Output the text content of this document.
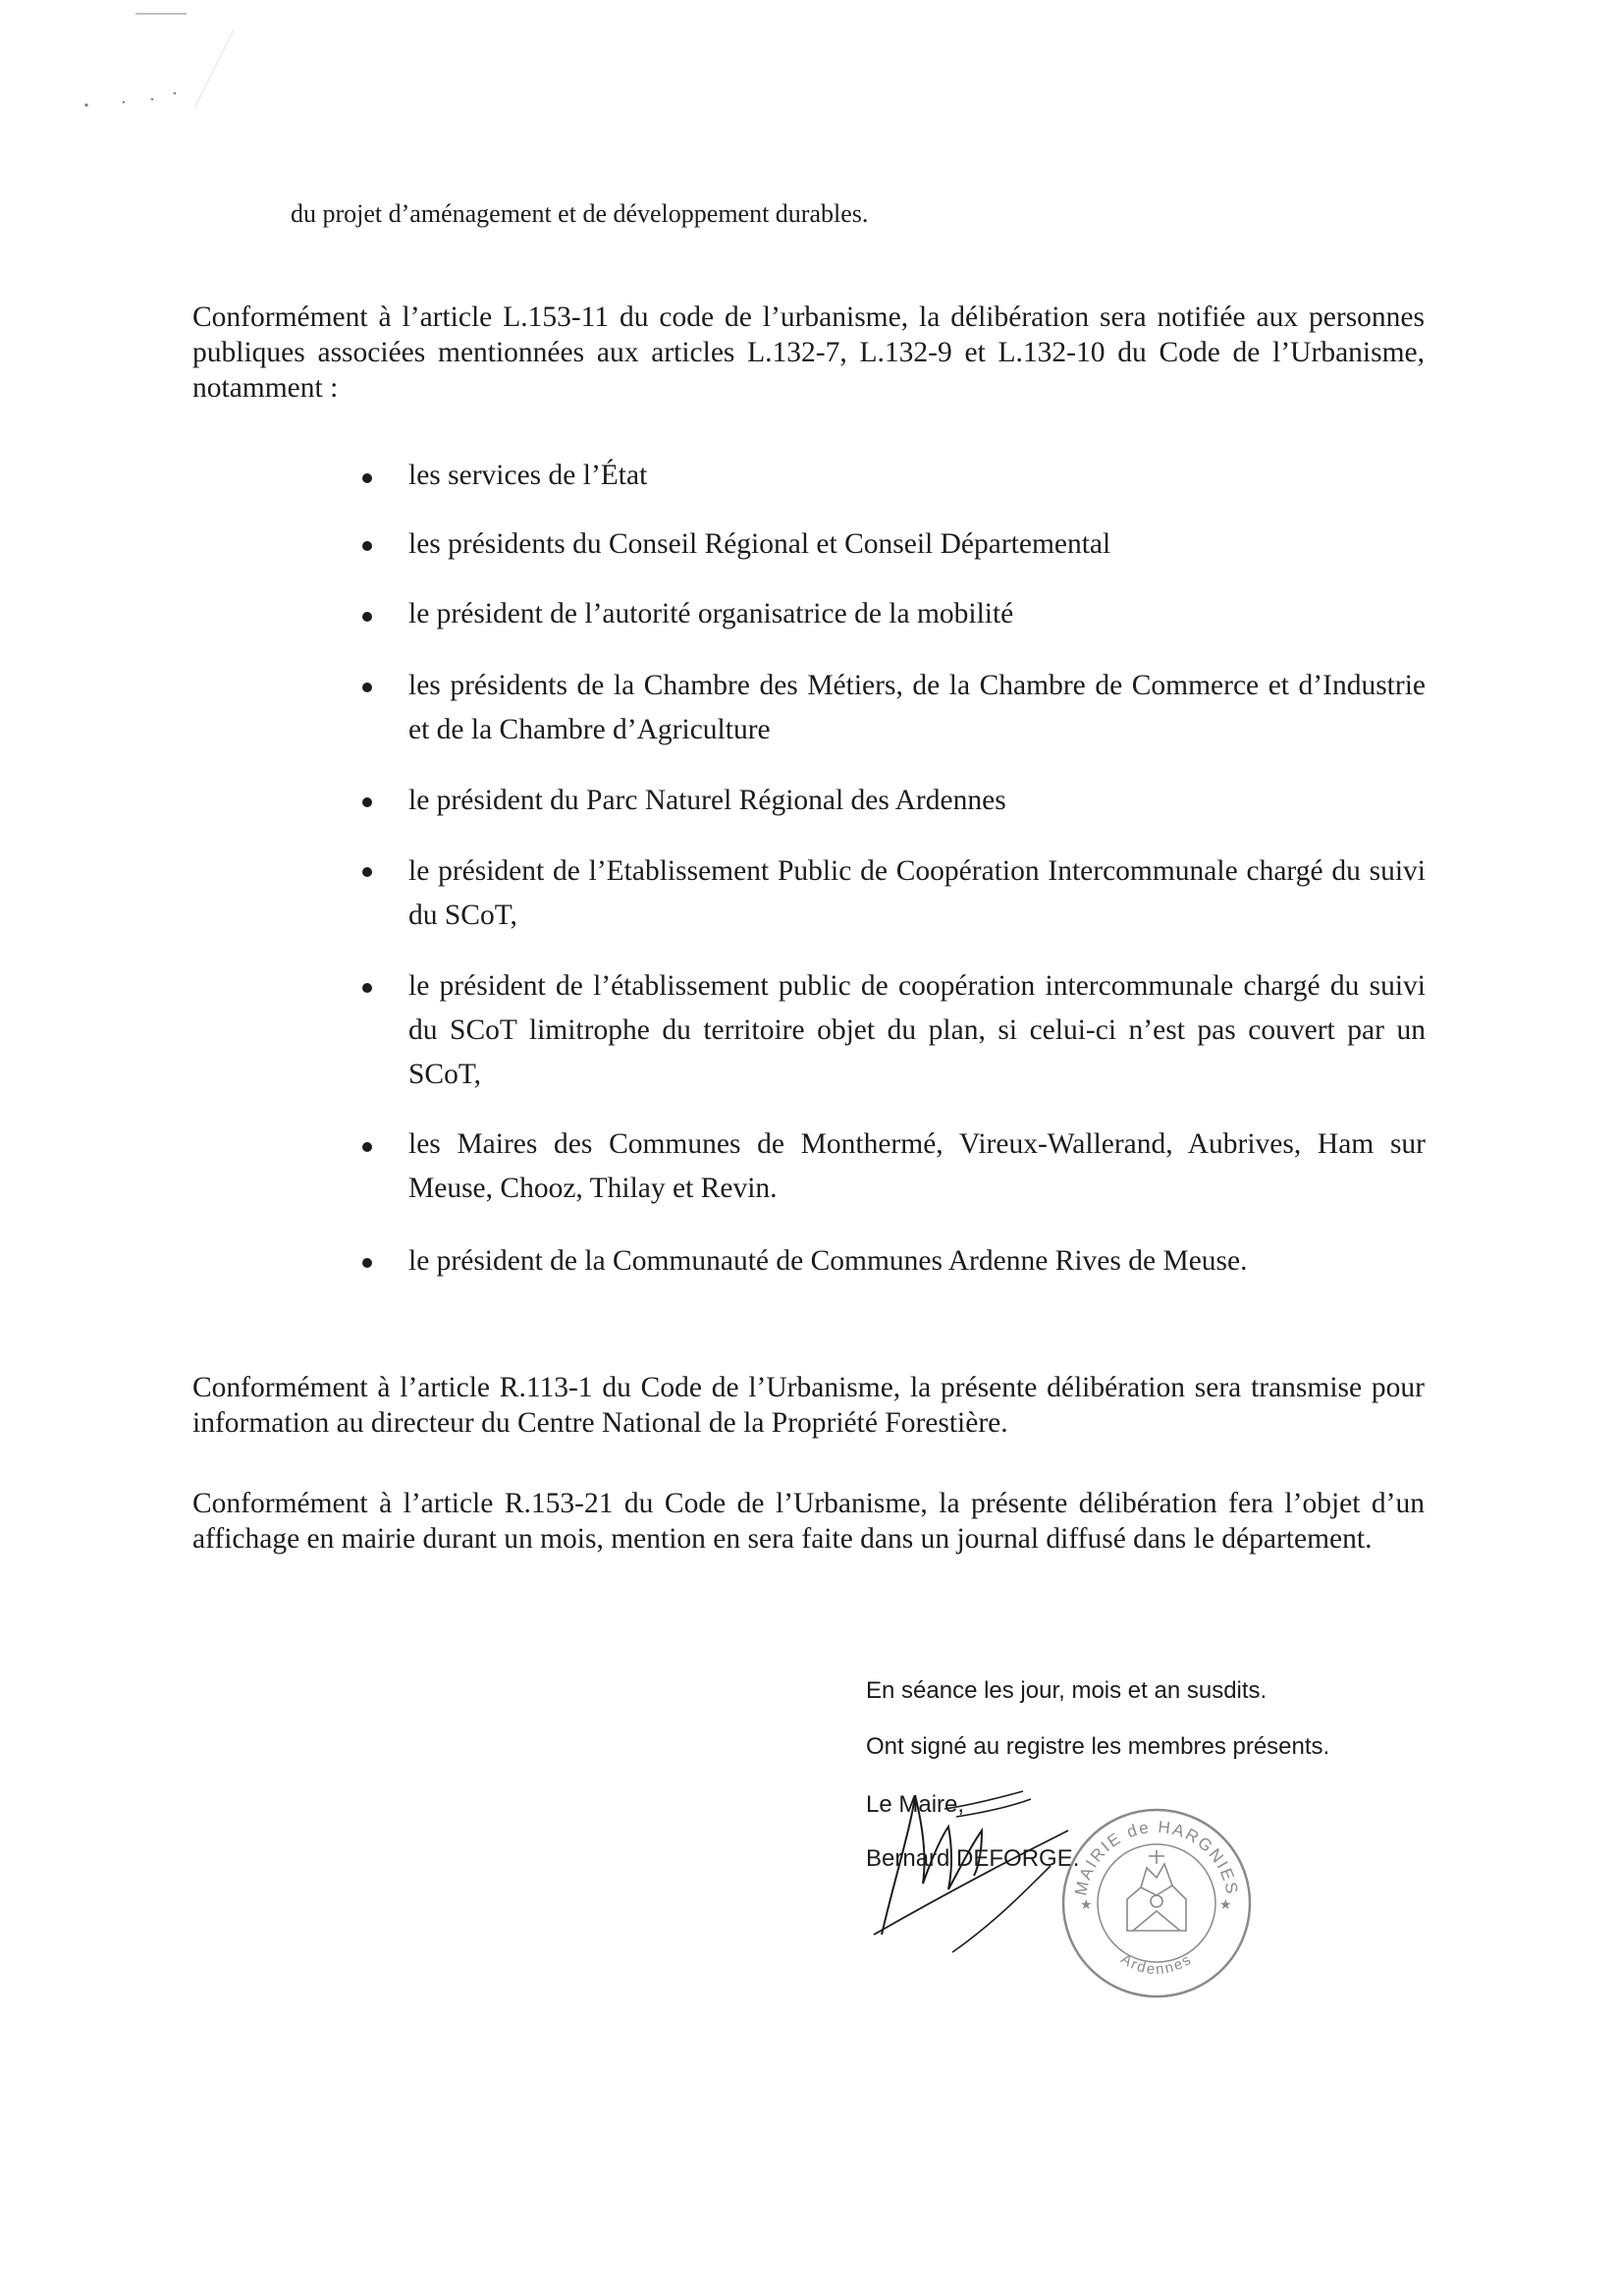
du projet d’aménagement et de développement durables.

Conformément à l’article L.153-11 du code de l’urbanisme, la délibération sera notifiée aux personnes publiques associées mentionnées aux articles L.132-7, L.132-9 et L.132-10 du Code de l’Urbanisme, notamment :

les services de l’État
les présidents du Conseil Régional et Conseil Départemental
le président de l’autorité organisatrice de la mobilité
les présidents de la Chambre des Métiers, de la Chambre de Commerce et d’Industrie et de la Chambre d’Agriculture
le président du Parc Naturel Régional des Ardennes
le président de l’Etablissement Public de Coopération Intercommunale chargé du suivi du SCoT,
le président de l’établissement public de coopération intercommunale chargé du suivi du SCoT limitrophe du territoire objet du plan, si celui-ci n’est pas couvert par un SCoT,
les Maires des Communes de Monthermé, Vireux-Wallerand, Aubrives, Ham sur Meuse, Chooz, Thilay et Revin.
le président de la Communauté de Communes Ardenne Rives de Meuse.

Conformément à l’article R.113-1 du Code de l’Urbanisme, la présente délibération sera transmise pour information au directeur du Centre National de la Propriété Forestière.

Conformément à l’article R.153-21 du Code de l’Urbanisme, la présente délibération fera l’objet d’un affichage en mairie durant un mois, mention en sera faite dans un journal diffusé dans le département.

En séance les jour, mois et an susdits.
Ont signé au registre les membres présents.
Le Maire,
Bernard DEFORGE.
MAIRIE de HARGNIES
Ardennes
★	★
